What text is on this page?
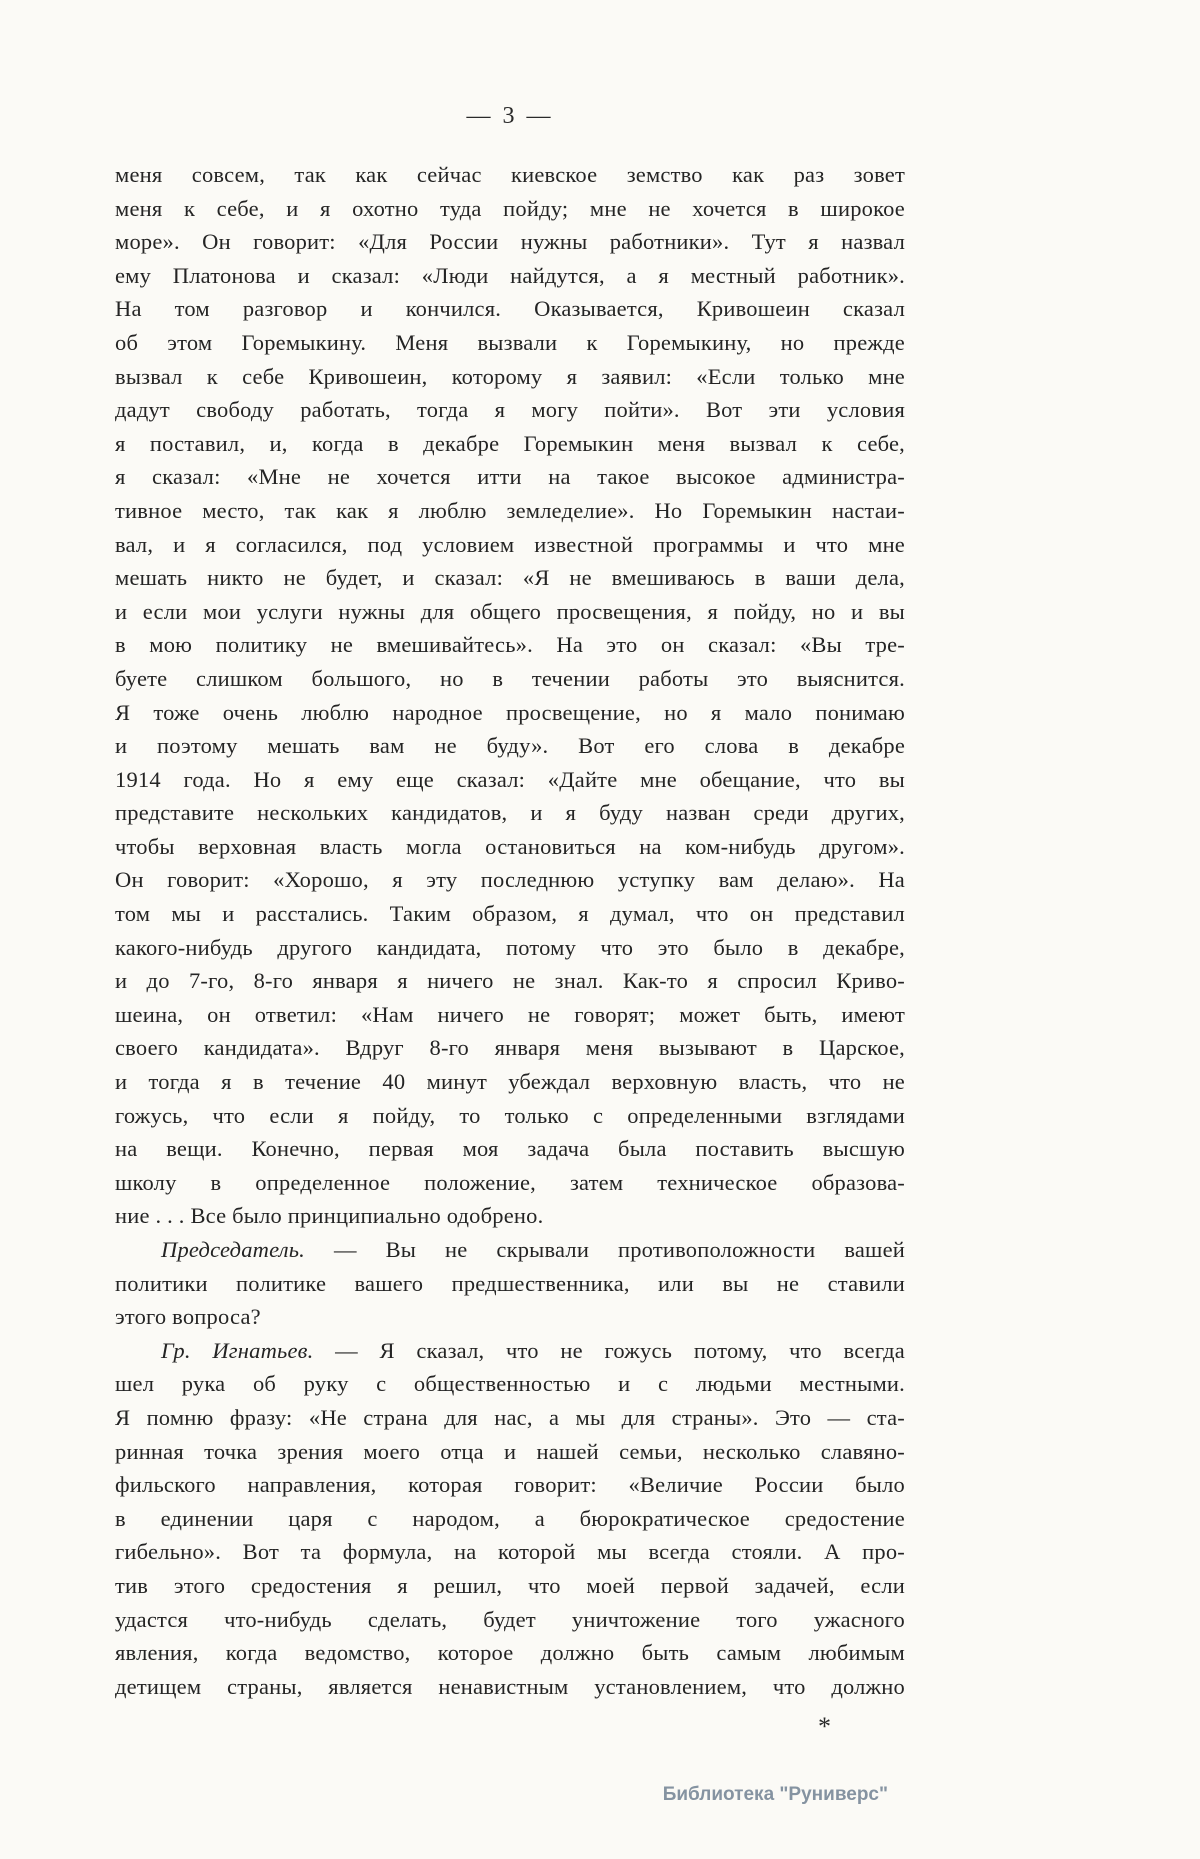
— 3 —
меня совсем, так как сейчас киевское земство как раз зовет
меня к себе, и я охотно туда пойду; мне не хочется в широкое
море». Он говорит: «Для России нужны работники». Тут я назвал
ему Платонова и сказал: «Люди найдутся, а я местный работник».
На том разговор и кончился. Оказывается, Кривошеин сказал
об этом Горемыкину. Меня вызвали к Горемыкину, но прежде
вызвал к себе Кривошеин, которому я заявил: «Если только мне
дадут свободу работать, тогда я могу пойти». Вот эти условия
я поставил, и, когда в декабре Горемыкин меня вызвал к себе,
я сказал: «Мне не хочется итти на такое высокое администра-
тивное место, так как я люблю земледелие». Но Горемыкин настаи-
вал, и я согласился, под условием известной программы и что мне
мешать никто не будет, и сказал: «Я не вмешиваюсь в ваши дела,
и если мои услуги нужны для общего просвещения, я пойду, но и вы
в мою политику не вмешивайтесь». На это он сказал: «Вы тре-
буете слишком большого, но в течении работы это выяснится.
Я тоже очень люблю народное просвещение, но я мало понимаю
и поэтому мешать вам не буду». Вот его слова в декабре
1914 года. Но я ему еще сказал: «Дайте мне обещание, что вы
представите нескольких кандидатов, и я буду назван среди других,
чтобы верховная власть могла остановиться на ком-нибудь другом».
Он говорит: «Хорошо, я эту последнюю уступку вам делаю». На
том мы и расстались. Таким образом, я думал, что он представил
какого-нибудь другого кандидата, потому что это было в декабре,
и до 7-го, 8-го января я ничего не знал. Как-то я спросил Криво-
шеина, он ответил: «Нам ничего не говорят; может быть, имеют
своего кандидата». Вдруг 8-го января меня вызывают в Царское,
и тогда я в течение 40 минут убеждал верховную власть, что не
гожусь, что если я пойду, то только с определенными взглядами
на вещи. Конечно, первая моя задача была поставить высшую
школу в определенное положение, затем техническое образова-
ние . . . Все было принципиально одобрено.
Председатель. — Вы не скрывали противоположности вашей
политики политике вашего предшественника, или вы не ставили
этого вопроса?
Гр. Игнатьев. — Я сказал, что не гожусь потому, что всегда
шел рука об руку с общественностью и с людьми местными.
Я помню фразу: «Не страна для нас, а мы для страны». Это — ста-
ринная точка зрения моего отца и нашей семьи, несколько славяно-
фильского направления, которая говорит: «Величие России было
в единении царя с народом, а бюрократическое средостение
гибельно». Вот та формула, на которой мы всегда стояли. А про-
тив этого средостения я решил, что моей первой задачей, если
удастся что-нибудь сделать, будет уничтожение того ужасного
явления, когда ведомство, которое должно быть самым любимым
детищем страны, является ненавистным установлением, что должно
*
Библиотека "Руниверс"
